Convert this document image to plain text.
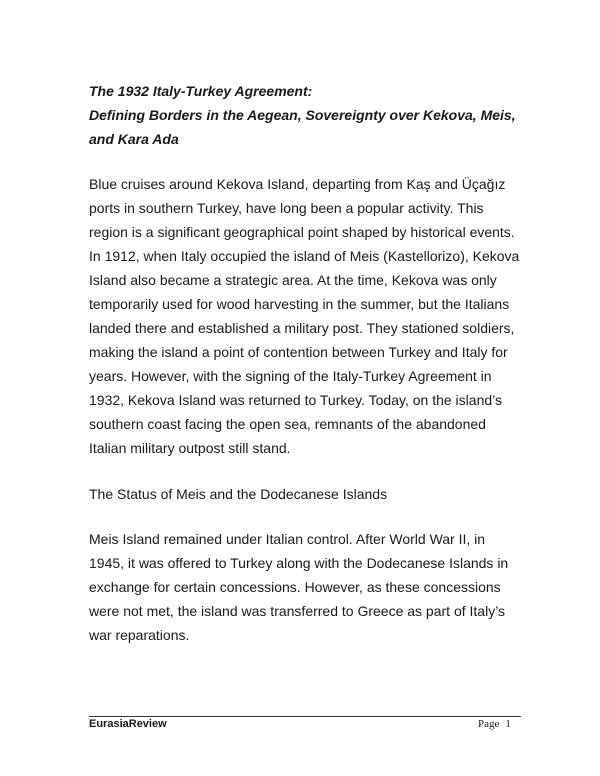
The 1932 Italy-Turkey Agreement:
Defining Borders in the Aegean, Sovereignty over Kekova, Meis,
and Kara Ada
Blue cruises around Kekova Island, departing from Kaş and Üçağız
ports in southern Turkey, have long been a popular activity. This
region is a significant geographical point shaped by historical events.
In 1912, when Italy occupied the island of Meis (Kastellorizo), Kekova
Island also became a strategic area. At the time, Kekova was only
temporarily used for wood harvesting in the summer, but the Italians
landed there and established a military post. They stationed soldiers,
making the island a point of contention between Turkey and Italy for
years. However, with the signing of the Italy-Turkey Agreement in
1932, Kekova Island was returned to Turkey. Today, on the island’s
southern coast facing the open sea, remnants of the abandoned
Italian military outpost still stand.
The Status of Meis and the Dodecanese Islands
Meis Island remained under Italian control. After World War II, in
1945, it was offered to Turkey along with the Dodecanese Islands in
exchange for certain concessions. However, as these concessions
were not met, the island was transferred to Greece as part of Italy’s
war reparations.
EurasiaReview	Page 1
